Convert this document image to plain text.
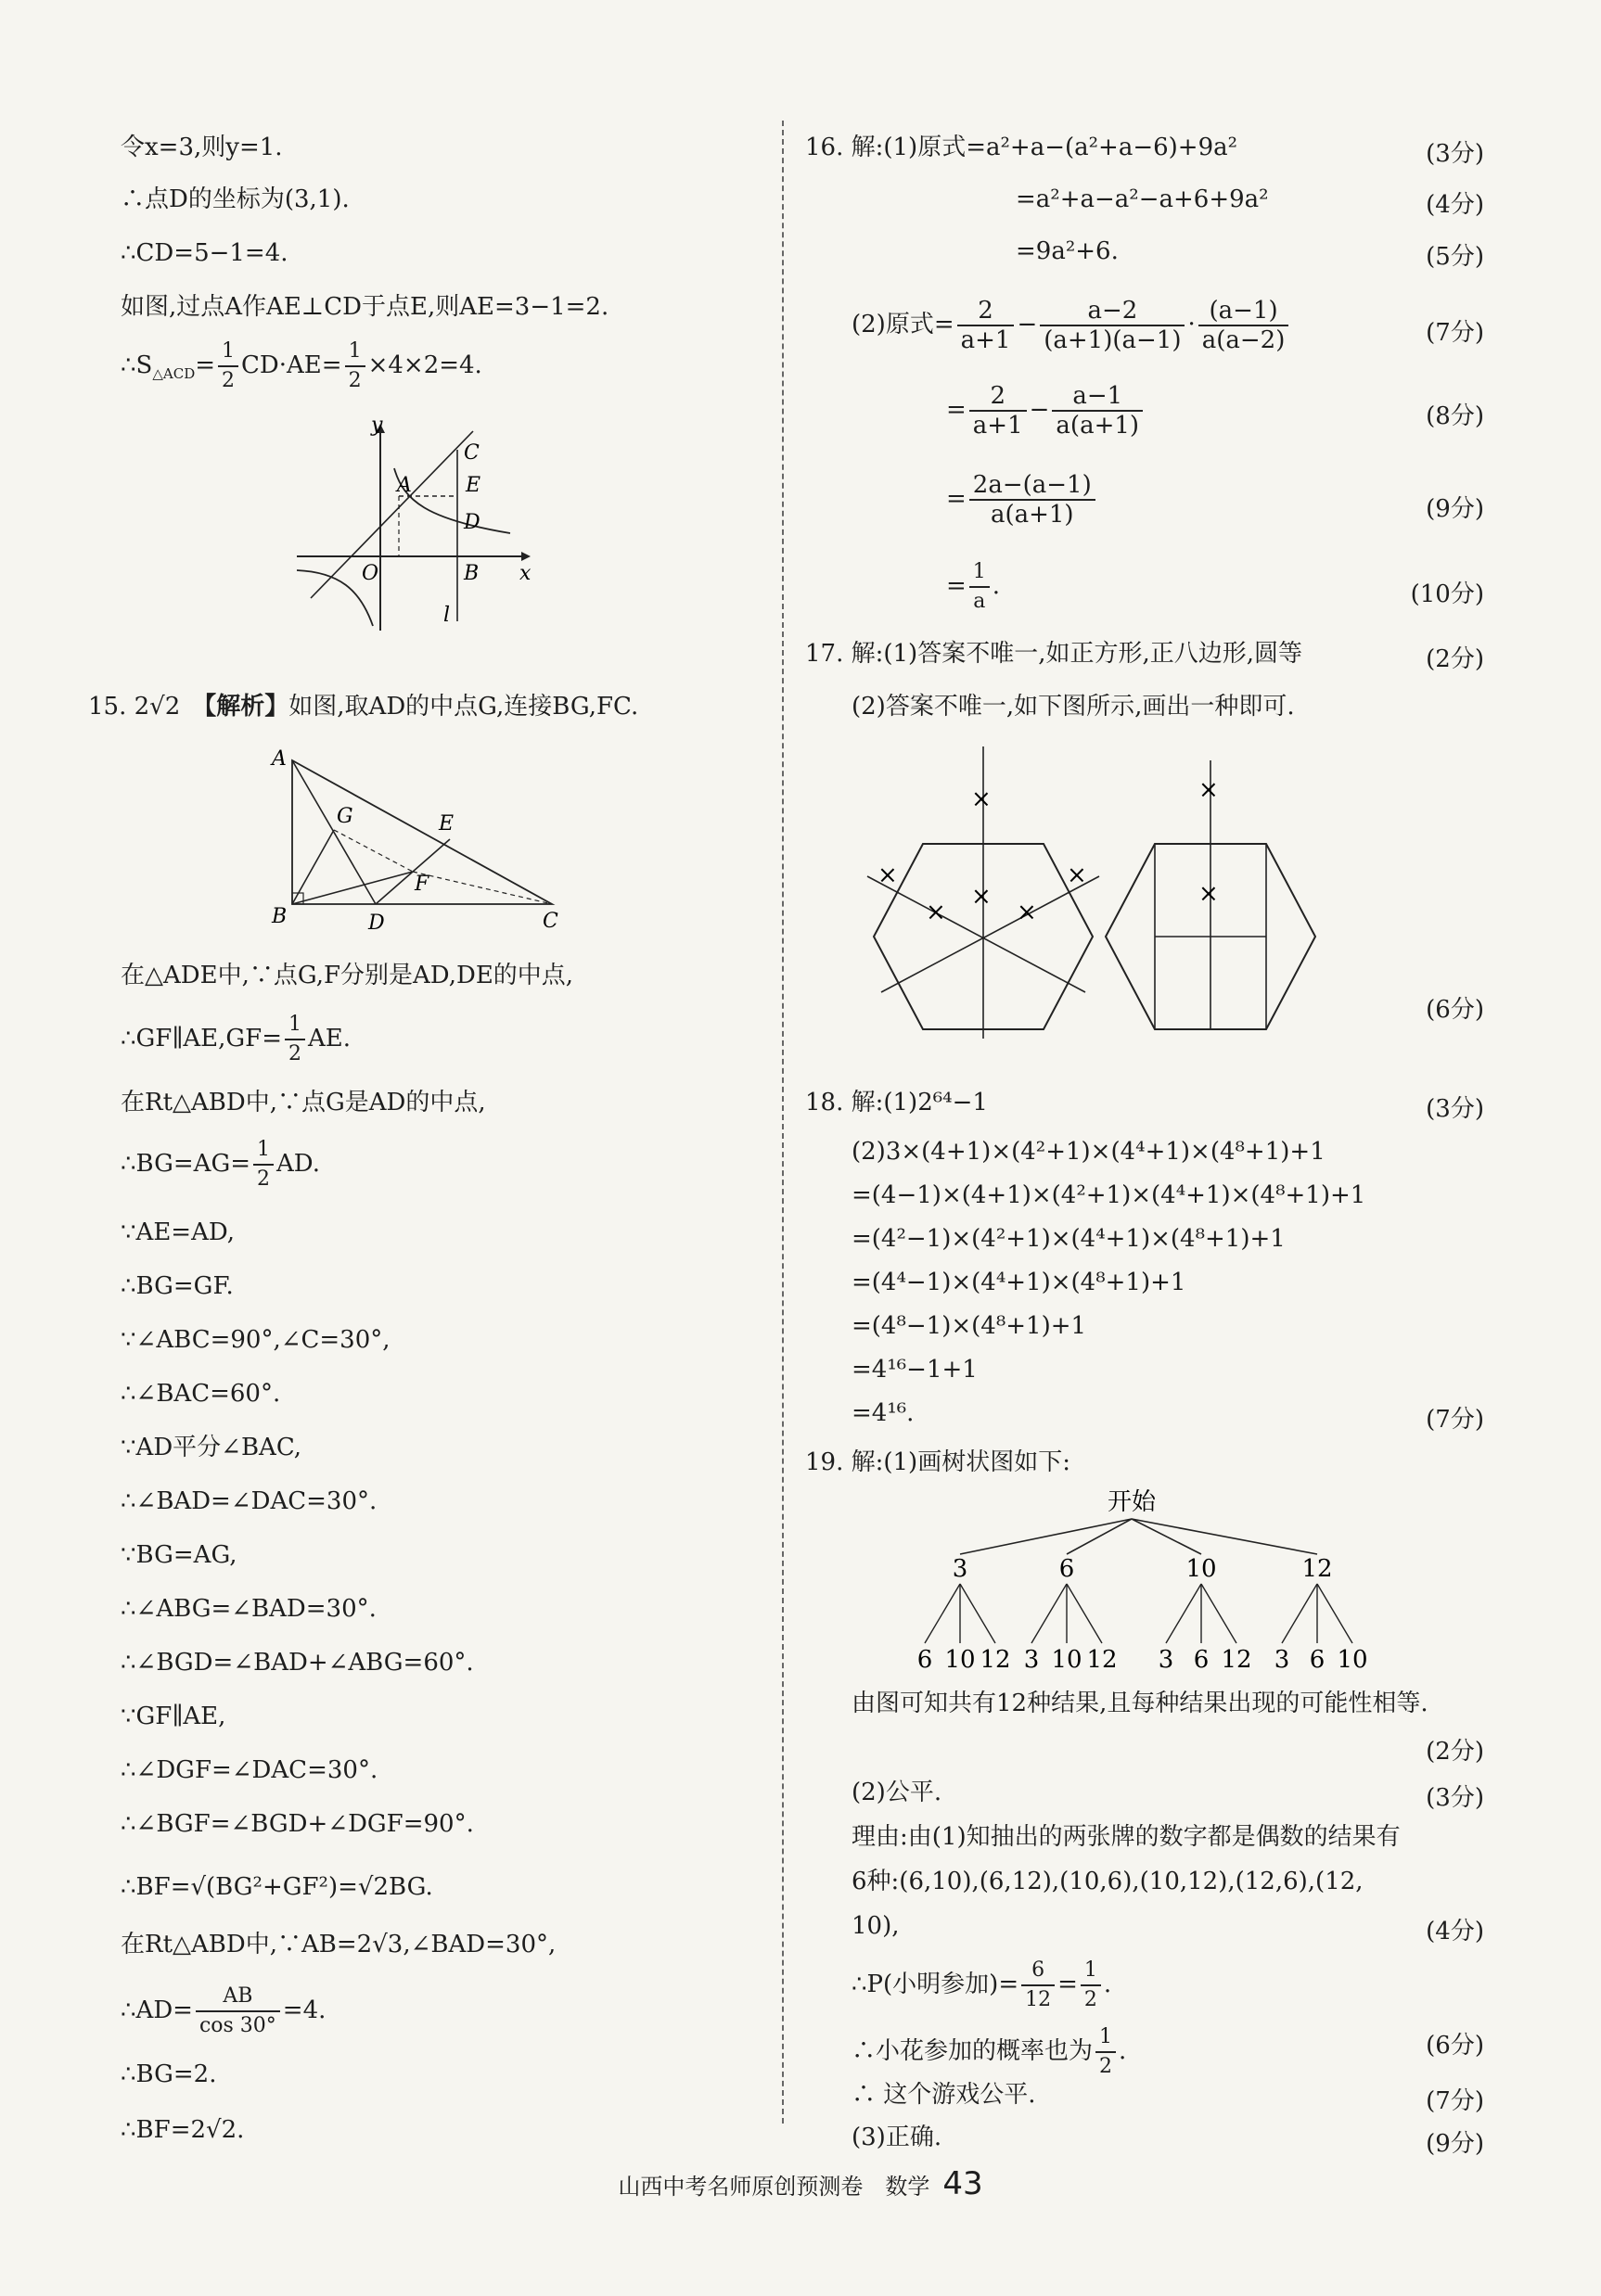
令x=3,则y=1.
∴点D的坐标为(3,1).
∴CD=5−1=4.
如图,过点A作AE⊥CD于点E,则AE=3−1=2.
$\therefore S_{\triangle ACD}= \frac{1}{2} CD\cdot AE= \frac{1}{2} \times 4\times 2=4$.
y
x
O
A
B
C
D
E
l
15. 2√2　 【解析】如图,取AD的中点G,连接BG,FC.
A
B	C
D
E
F
G
在△ADE中,∵点G,F分别是AD,DE的中点,
∴GF∥AE,GF= $\frac{1}{2}$ AE.
在Rt△ABD中,∵点G是AD的中点,
∴BG=AG= $\frac{1}{2}$ AD.
∵AE=AD,
∴BG=GF.
∵∠ABC=90°,∠C=30°,
∴∠BAC=60°.
∵AD平分∠BAC,
∴∠BAD=∠DAC=30°.
∵BG=AG,
∴∠ABG=∠BAD=30°.
∴∠BGD=∠BAD+∠ABG=60°.
∵GF∥AE,
∴∠DGF=∠DAC=30°.
∴∠BGF=∠BGD+∠DGF=90°.
∴BF=√(BG²+GF²)=√2BG.
在Rt△ABD中,∵AB=2√3,∠BAD=30°,
∴AD= $\frac{AB}{\cos 30^\circ} =4$.
∴BG=2.
∴BF=2√2.
16. 解:(1)原式=a²+a−(a²+a−6)+9a²	(3分)
=a²+a−a²−a+6+9a²	(4分)
=9a²+6.	(5分)
(2)原式= $\frac{2}{a+1} - \frac{a-2}{(a+1)(a-1)} \cdot \frac{(a-1)}{a(a-2)}$	(7分)
= $\frac{2}{a+1} - \frac{a-1}{a(a+1)}$	(8分)
= $\frac{2a-(a-1)}{a(a+1)}$	(9分)
= $\frac{1}{a}$ .	(10分)
17. 解:(1)答案不唯一,如正方形,正八边形,圆等	(2分)
(2)答案不唯一,如下图所示,画出一种即可.
×
×
×	×
×	×
×
×
(6分)
18. 解:(1)2⁶⁴−1	(3分)
(2)3×(4+1)×(4²+1)×(4⁴+1)×(4⁸+1)+1
=(4−1)×(4+1)×(4²+1)×(4⁴+1)×(4⁸+1)+1
=(4²−1)×(4²+1)×(4⁴+1)×(4⁸+1)+1
=(4⁴−1)×(4⁴+1)×(4⁸+1)+1
=(4⁸−1)×(4⁸+1)+1
=4¹⁶−1+1
=4¹⁶.	(7分)
19. 解:(1)画树状图如下:
开始
3
6 10 12
6
3 10 12
10
3 6 12
12
3 6 10
由图可知共有12种结果,且每种结果出现的可能性相等.
(2分)
(2)公平.	(3分)
理由:由(1)知抽出的两张牌的数字都是偶数的结果有
6种:(6,10),(6,12),(10,6),(10,12),(12,6),(12,
10),	(4分)
∴P(小明参加)= $\frac{6}{12} = \frac{1}{2}$ .
∴小花参加的概率也为 $\frac{1}{2}$ .	(6分)
∴ 这个游戏公平.	(7分)
(3)正确.	(9分)
山西中考名师原创预测卷　数学 43
